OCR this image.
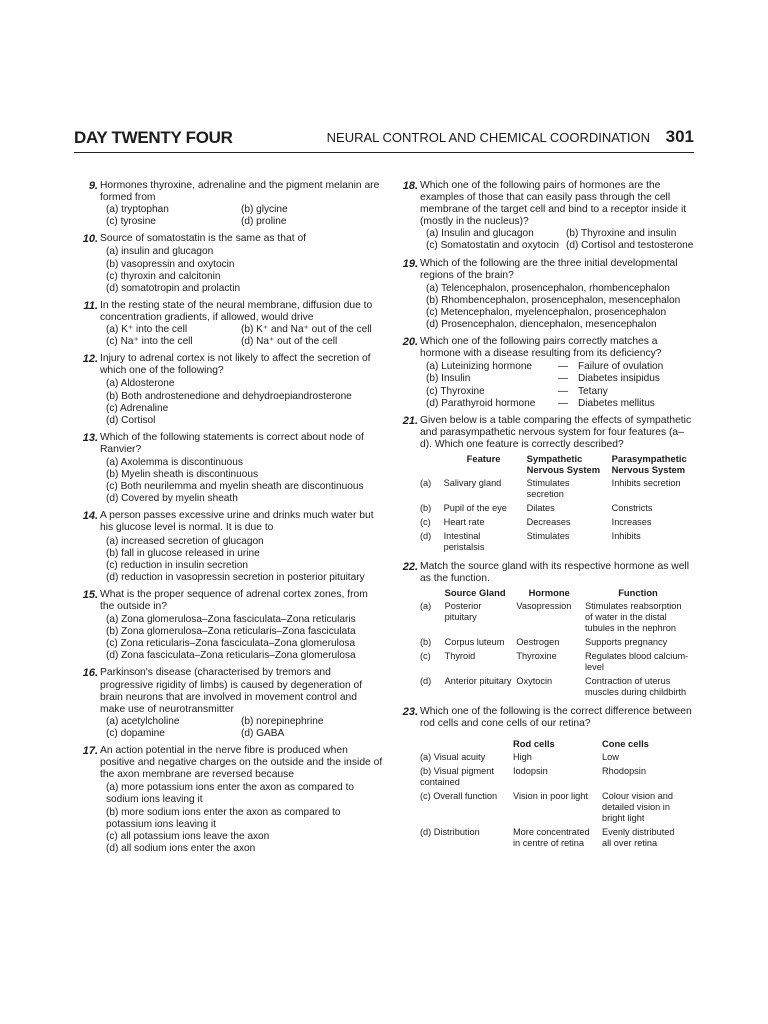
DAY TWENTY FOUR	NEURAL CONTROL AND CHEMICAL COORDINATION 301
9. Hormones thyroxine, adrenaline and the pigment melanin are formed from
(a) tryptophan	(b) glycine
(c) tyrosine	(d) proline
10. Source of somatostatin is the same as that of
(a) insulin and glucagon
(b) vasopressin and oxytocin
(c) thyroxin and calcitonin
(d) somatotropin and prolactin
11. In the resting state of the neural membrane, diffusion due to concentration gradients, if allowed, would drive
(a) K⁺ into the cell	(b) K⁺ and Na⁺ out of the cell
(c) Na⁺ into the cell	(d) Na⁺ out of the cell
12. Injury to adrenal cortex is not likely to affect the secretion of which one of the following?
(a) Aldosterone
(b) Both androstenedione and dehydroepiandrosterone
(c) Adrenaline
(d) Cortisol
13. Which of the following statements is correct about node of Ranvier?
(a) Axolemma is discontinuous
(b) Myelin sheath is discontinuous
(c) Both neurilemma and myelin sheath are discontinuous
(d) Covered by myelin sheath
14. A person passes excessive urine and drinks much water but his glucose level is normal. It is due to
(a) increased secretion of glucagon
(b) fall in glucose released in urine
(c) reduction in insulin secretion
(d) reduction in vasopressin secretion in posterior pituitary
15. What is the proper sequence of adrenal cortex zones, from the outside in?
(a) Zona glomerulosa–Zona fasciculata–Zona reticularis
(b) Zona glomerulosa–Zona reticularis–Zona fasciculata
(c) Zona reticularis–Zona fasciculata–Zona glomerulosa
(d) Zona fasciculata–Zona reticularis–Zona glomerulosa
16. Parkinson's disease (characterised by tremors and progressive rigidity of limbs) is caused by degeneration of brain neurons that are involved in movement control and make use of neurotransmitter
(a) acetylcholine	(b) norepinephrine
(c) dopamine	(d) GABA
17. An action potential in the nerve fibre is produced when positive and negative charges on the outside and the inside of the axon membrane are reversed because
(a) more potassium ions enter the axon as compared to sodium ions leaving it
(b) more sodium ions enter the axon as compared to potassium ions leaving it
(c) all potassium ions leave the axon
(d) all sodium ions enter the axon
18. Which one of the following pairs of hormones are the examples of those that can easily pass through the cell membrane of the target cell and bind to a receptor inside it (mostly in the nucleus)?
(a) Insulin and glucagon	(b) Thyroxine and insulin
(c) Somatostatin and oxytocin (d) Cortisol and testosterone
19. Which of the following are the three initial developmental regions of the brain?
(a) Telencephalon, prosencephalon, rhombencephalon
(b) Rhombencephalon, prosencephalon, mesencephalon
(c) Metencephalon, myelencephalon, prosencephalon
(d) Prosencephalon, diencephalon, mesencephalon
20. Which one of the following pairs correctly matches a hormone with a disease resulting from its deficiency?
(a) Luteinizing hormone	— Failure of ovulation
(b) Insulin	— Diabetes insipidus
(c) Thyroxine	— Tetany
(d) Parathyroid hormone	— Diabetes mellitus
21. Given below is a table comparing the effects of sympathetic and parasympathetic nervous system for four features (a–d). Which one feature is correctly described?
	Feature	Sympathetic Nervous System	Parasympathetic Nervous System
(a)	Salivary gland	Stimulates secretion	Inhibits secretion
(b)	Pupil of the eye	Dilates	Constricts
(c)	Heart rate	Decreases	Increases
(d)	Intestinal peristalsis	Stimulates	Inhibits
22. Match the source gland with its respective hormone as well as the function.
	Source Gland	Hormone	Function
(a)	Posterior pituitary	Vasopression	Stimulates reabsorption of water in the distal tubules in the nephron
(b)	Corpus luteum	Oestrogen	Supports pregnancy
(c)	Thyroid	Thyroxine	Regulates blood calcium-level
(d)	Anterior pituitary	Oxytocin	Contraction of uterus muscles during childbirth
23. Which one of the following is the correct difference between rod cells and cone cells of our retina?
	Rod cells	Cone cells
(a) Visual acuity	High	Low
(b) Visual pigment contained	Iodopsin	Rhodopsin
(c) Overall function	Vision in poor light	Colour vision and detailed vision in bright light
(d) Distribution	More concentrated in centre of retina	Evenly distributed all over retina
